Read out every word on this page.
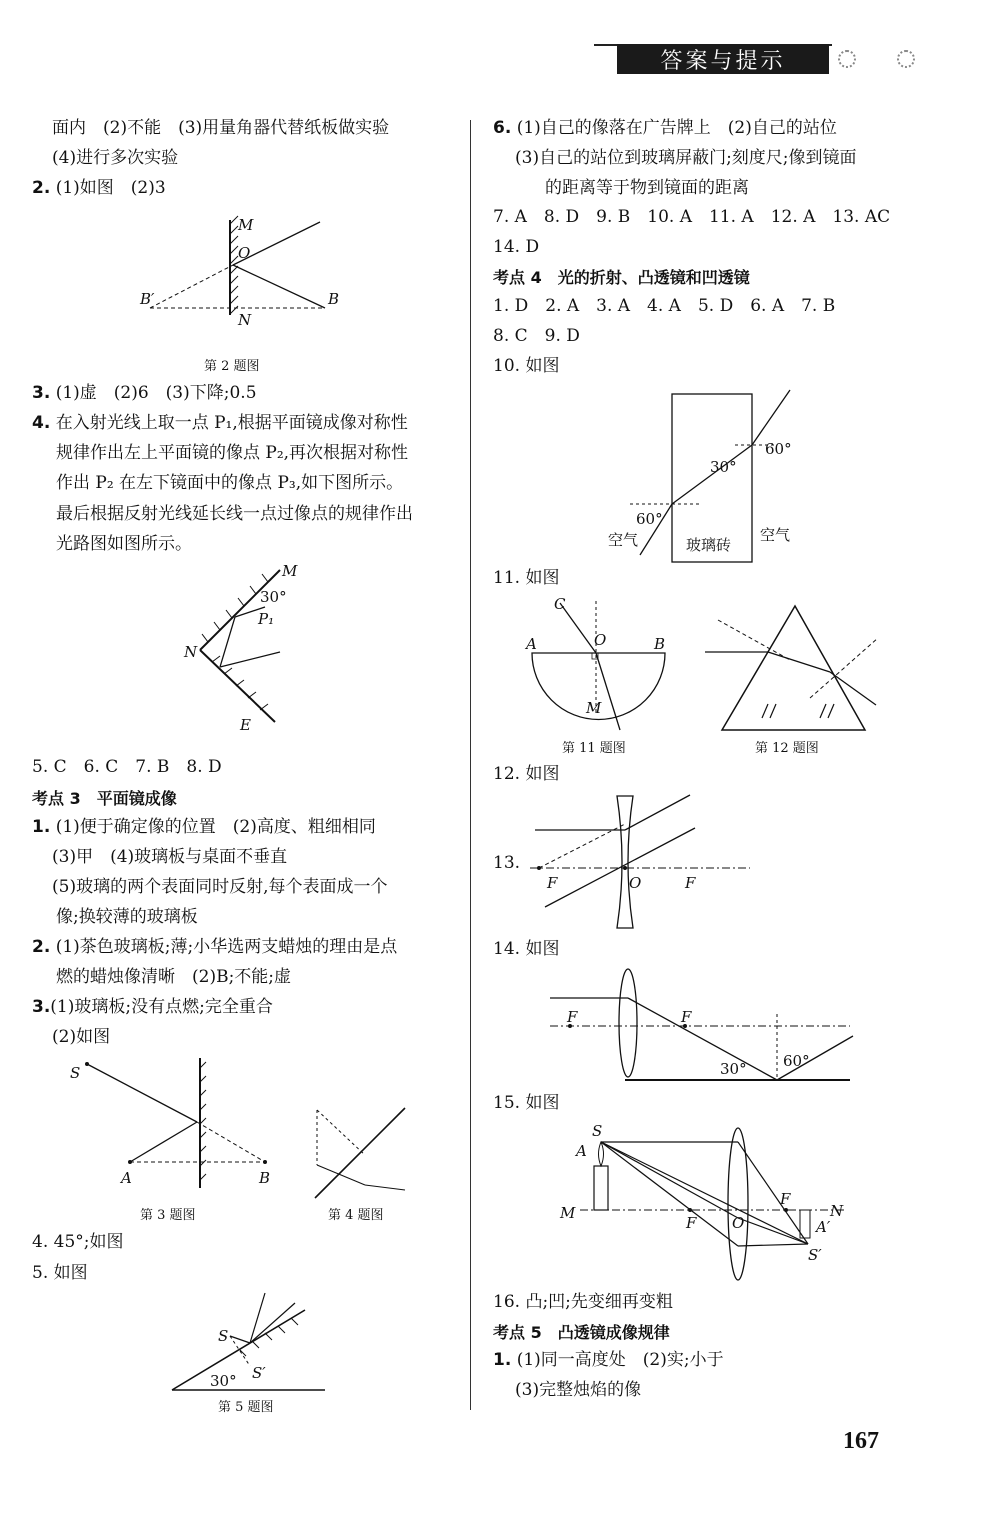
答案与提示
面内　(2)不能　(3)用量角器代替纸板做实验
(4)进行多次实验
2. (1)如图　(2)3
M
O
B′
N
B
第 2 题图
3. (1)虚　(2)6　(3)下降;0.5
4. 在入射光线上取一点 P₁,根据平面镜成像对称性
规律作出左上平面镜的像点 P₂,再次根据对称性
作出 P₂ 在左下镜面中的像点 P₃,如下图所示。
最后根据反射光线延长线一点过像点的规律作出
光路图如图所示。
M
30°
P₁
N
E
5. C　6. C　7. B　8. D
考点 3　平面镜成像
1. (1)便于确定像的位置　(2)高度、粗细相同
(3)甲　(4)玻璃板与桌面不垂直
(5)玻璃的两个表面同时反射,每个表面成一个
像;换较薄的玻璃板
2. (1)茶色玻璃板;薄;小华选两支蜡烛的理由是点
燃的蜡烛像清晰　(2)B;不能;虚
3.(1)玻璃板;没有点燃;完全重合
(2)如图
S
A	B
第 3 题图	第 4 题图
4. 45°;如图
5. 如图
S
S′
30°
第 5 题图
6. (1)自己的像落在广告牌上　(2)自己的站位
(3)自己的站位到玻璃屏蔽门;刻度尺;像到镜面
的距离等于物到镜面的距离
7. A　8. D　9. B　10. A　11. A　12. A　13. AC
14. D
考点 4　光的折射、凸透镜和凹透镜
1. D　2. A　3. A　4. A　5. D　6. A　7. B
8. C　9. D
10. 如图
30°
60°
60°
空气	玻璃砖
空气
11. 如图
C
O
A	B
M
第 11 题图	第 12 题图
12. 如图
13.
F	O	F
14. 如图
F	F
30° 60°
15. 如图
S
A
M
F
F
O
N
A′
S′
16. 凸;凹;先变细再变粗
考点 5　凸透镜成像规律
1. (1)同一高度处　(2)实;小于
(3)完整烛焰的像
167
